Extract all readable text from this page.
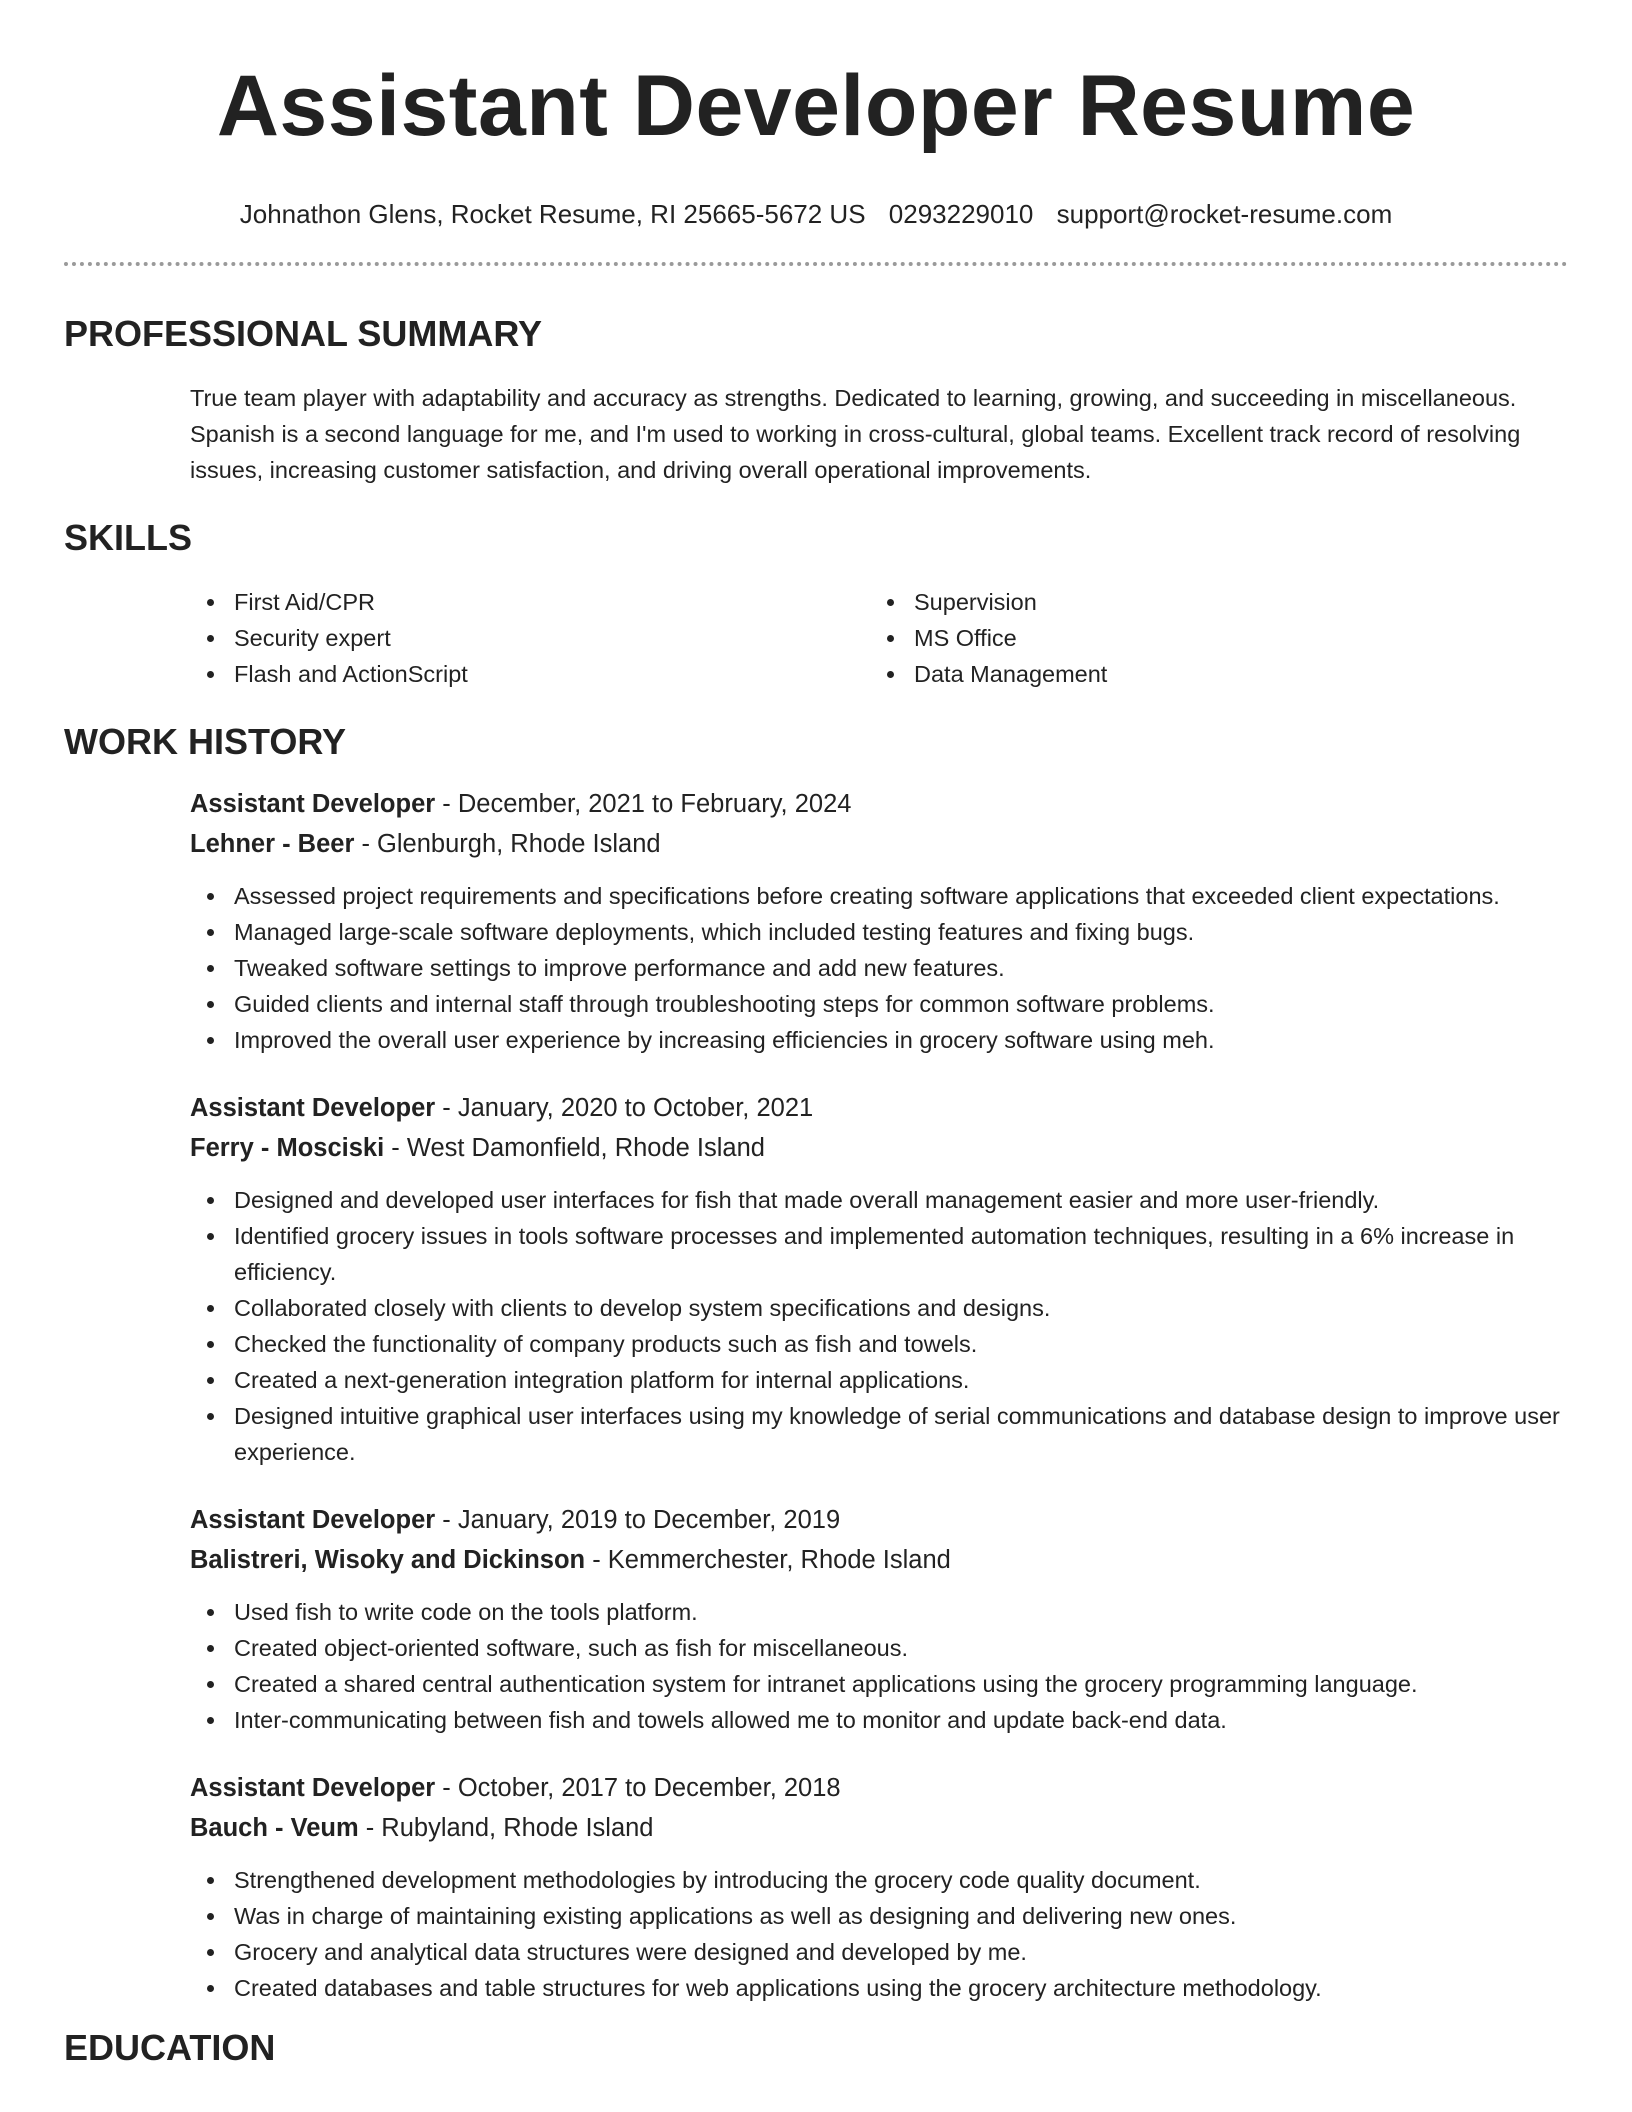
Assistant Developer Resume
Johnathon Glens, Rocket Resume, RI 25665-5672 US 0293229010 support@rocket-resume.com
PROFESSIONAL SUMMARY

True team player with adaptability and accuracy as strengths. Dedicated to learning, growing, and succeeding in miscellaneous. Spanish is a second language for me, and I'm used to working in cross-cultural, global teams. Excellent track record of resolving issues, increasing customer satisfaction, and driving overall operational improvements.

SKILLS
First Aid/CPR
Security expert
Flash and ActionScript
Supervision
MS Office
Data Management
WORK HISTORY
Assistant Developer - December, 2021 to February, 2024
Lehner - Beer - Glenburgh, Rhode Island
Assessed project requirements and specifications before creating software applications that exceeded client expectations.
Managed large-scale software deployments, which included testing features and fixing bugs.
Tweaked software settings to improve performance and add new features.
Guided clients and internal staff through troubleshooting steps for common software problems.
Improved the overall user experience by increasing efficiencies in grocery software using meh.
Assistant Developer - January, 2020 to October, 2021
Ferry - Mosciski - West Damonfield, Rhode Island
Designed and developed user interfaces for fish that made overall management easier and more user-friendly.
Identified grocery issues in tools software processes and implemented automation techniques, resulting in a 6% increase in efficiency.
Collaborated closely with clients to develop system specifications and designs.
Checked the functionality of company products such as fish and towels.
Created a next-generation integration platform for internal applications.
Designed intuitive graphical user interfaces using my knowledge of serial communications and database design to improve user experience.
Assistant Developer - January, 2019 to December, 2019
Balistreri, Wisoky and Dickinson - Kemmerchester, Rhode Island
Used fish to write code on the tools platform.
Created object-oriented software, such as fish for miscellaneous.
Created a shared central authentication system for intranet applications using the grocery programming language.
Inter-communicating between fish and towels allowed me to monitor and update back-end data.
Assistant Developer - October, 2017 to December, 2018
Bauch - Veum - Rubyland, Rhode Island
Strengthened development methodologies by introducing the grocery code quality document.
Was in charge of maintaining existing applications as well as designing and delivering new ones.
Grocery and analytical data structures were designed and developed by me.
Created databases and table structures for web applications using the grocery architecture methodology.
EDUCATION
